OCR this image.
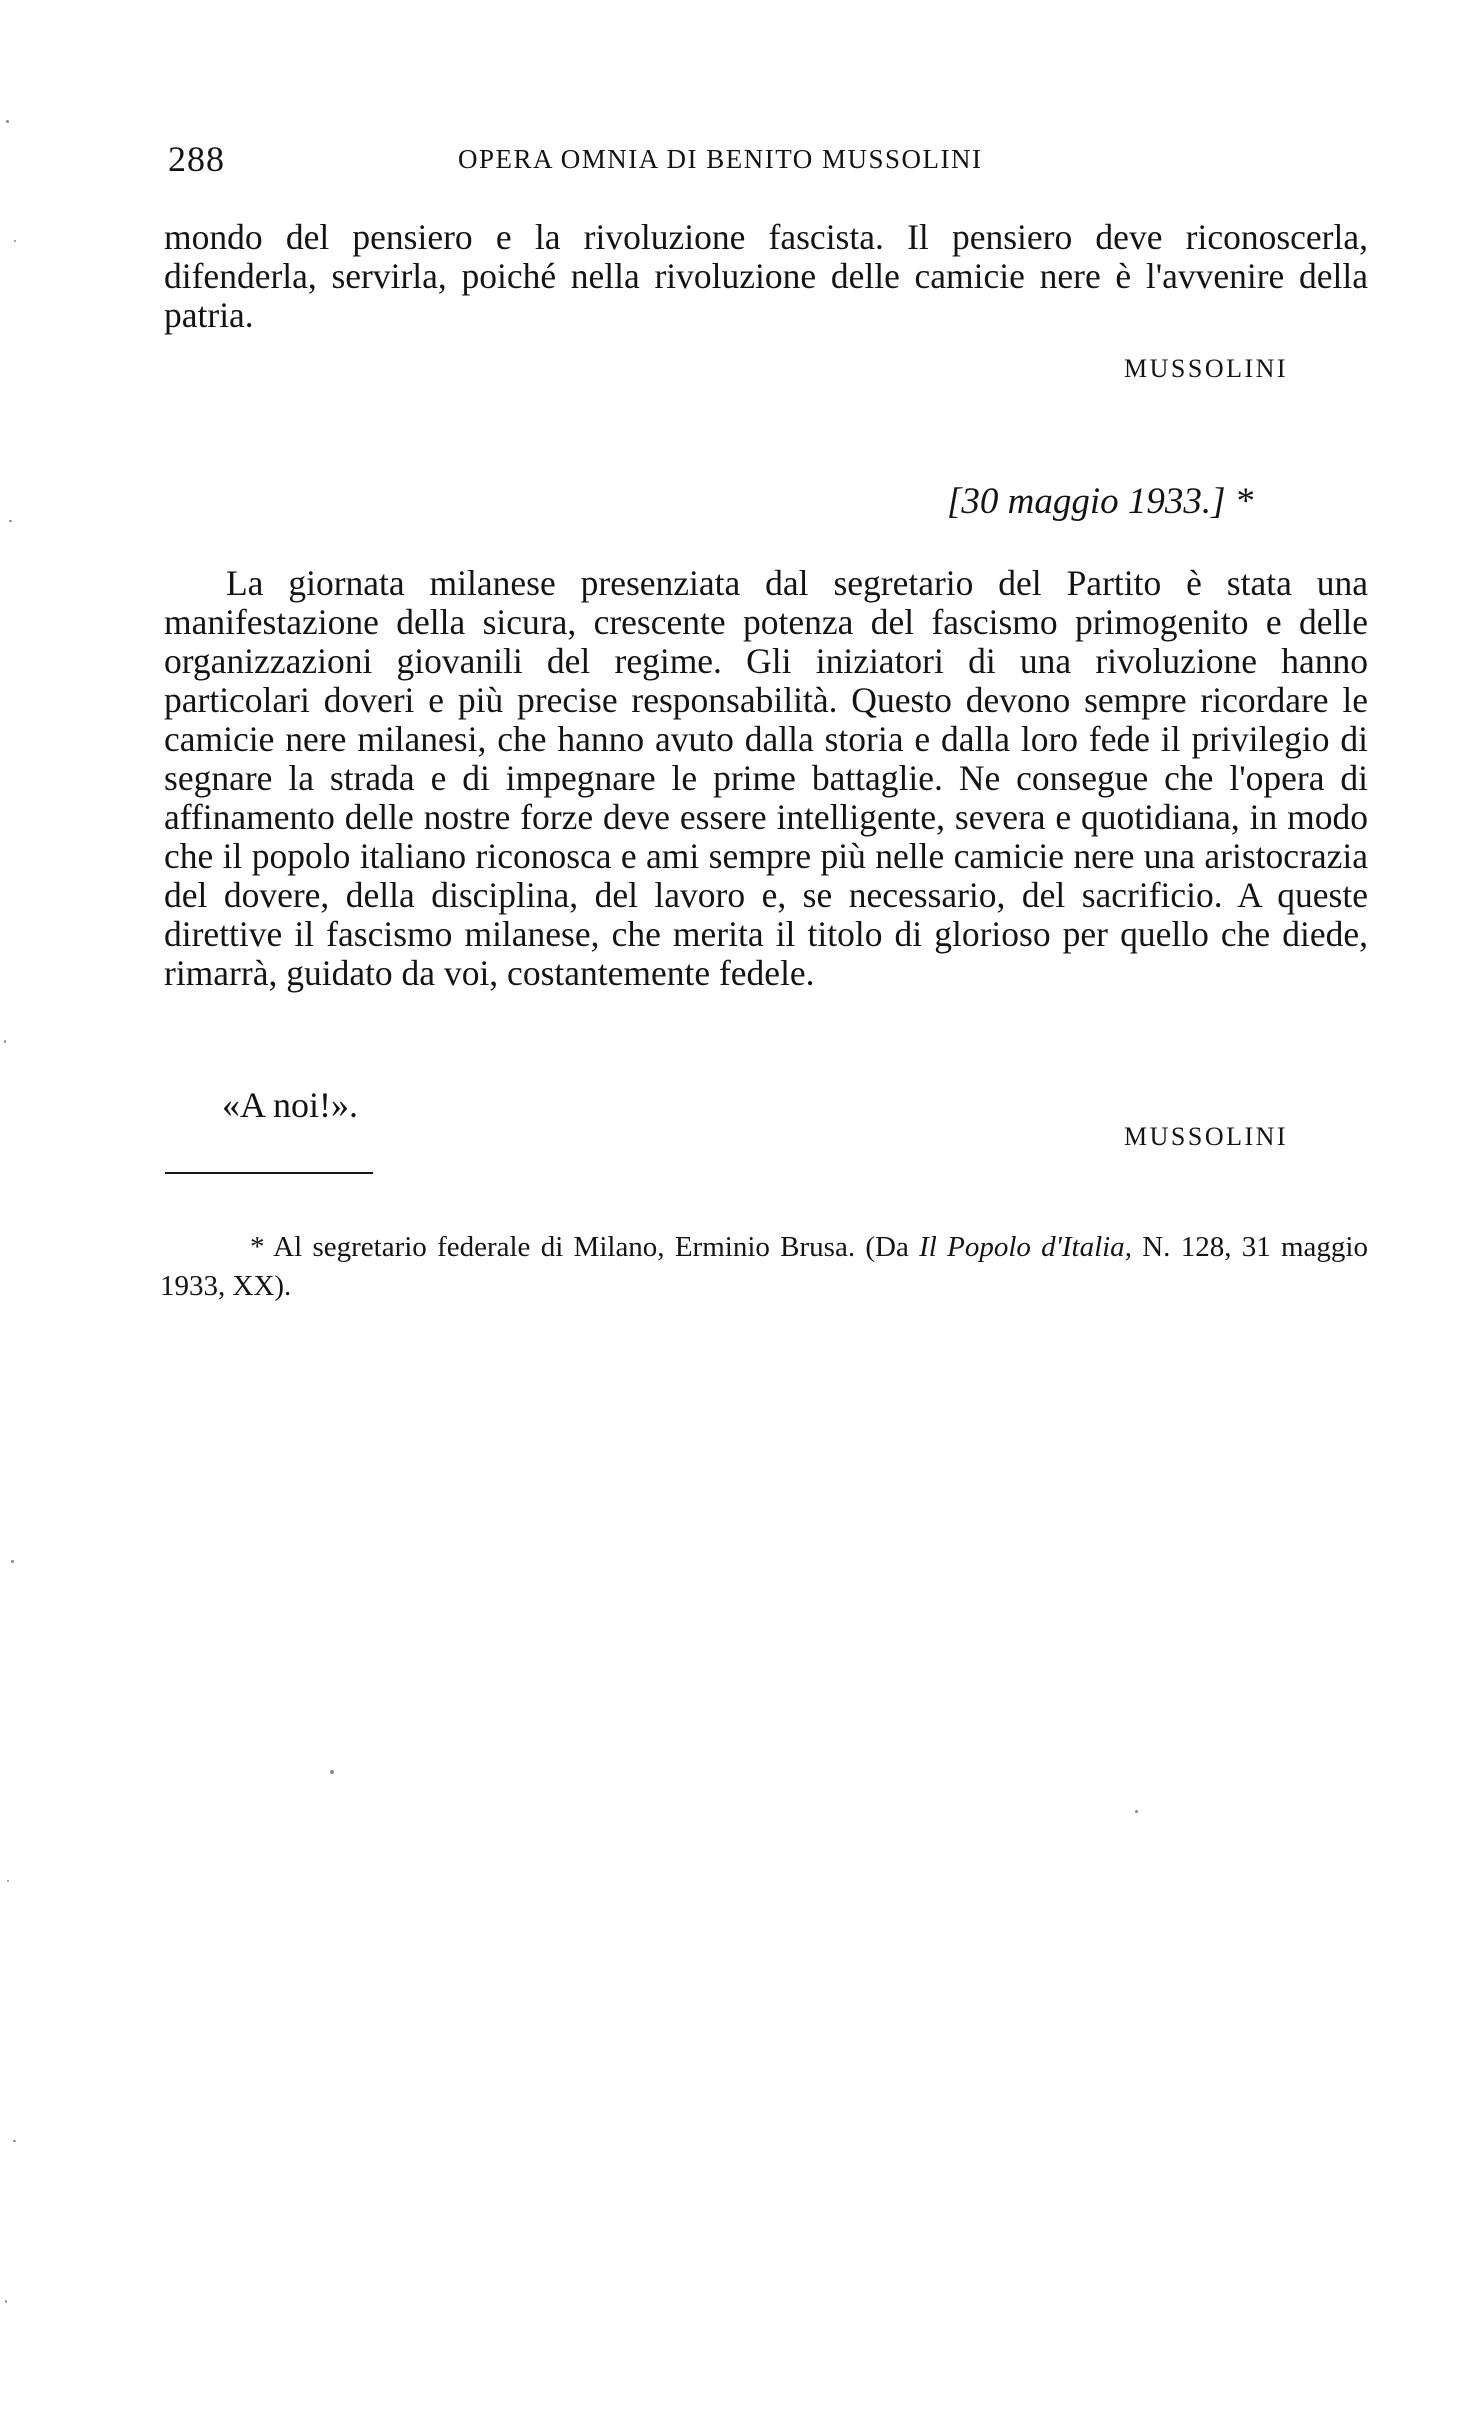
288	OPERA OMNIA DI BENITO MUSSOLINI

mondo del pensiero e la rivoluzione fascista. Il pensiero deve riconoscerla, difenderla, servirla, poiché nella rivoluzione delle camicie nere è l'avvenire della patria.

MUSSOLINI
[30 maggio 1933.] *

La giornata milanese presenziata dal segretario del Partito è stata una manifestazione della sicura, crescente potenza del fascismo primogenito e delle organizzazioni giovanili del regime. Gli iniziatori di una rivoluzione hanno particolari doveri e più precise responsabilità. Questo devono sempre ricordare le camicie nere milanesi, che hanno avuto dalla storia e dalla loro fede il privilegio di segnare la strada e di impegnare le prime battaglie. Ne consegue che l'opera di affinamento delle nostre forze deve essere intelligente, severa e quotidiana, in modo che il popolo italiano riconosca e ami sempre più nelle camicie nere una aristocrazia del dovere, della disciplina, del lavoro e, se necessario, del sacrificio. A queste direttive il fascismo milanese, che merita il titolo di glorioso per quello che diede, rimarrà, guidato da voi, costantemente fedele.

«A noi!».
MUSSOLINI

* Al segretario federale di Milano, Erminio Brusa. (Da Il Popolo d'Italia, N. 128, 31 maggio 1933, XX).
